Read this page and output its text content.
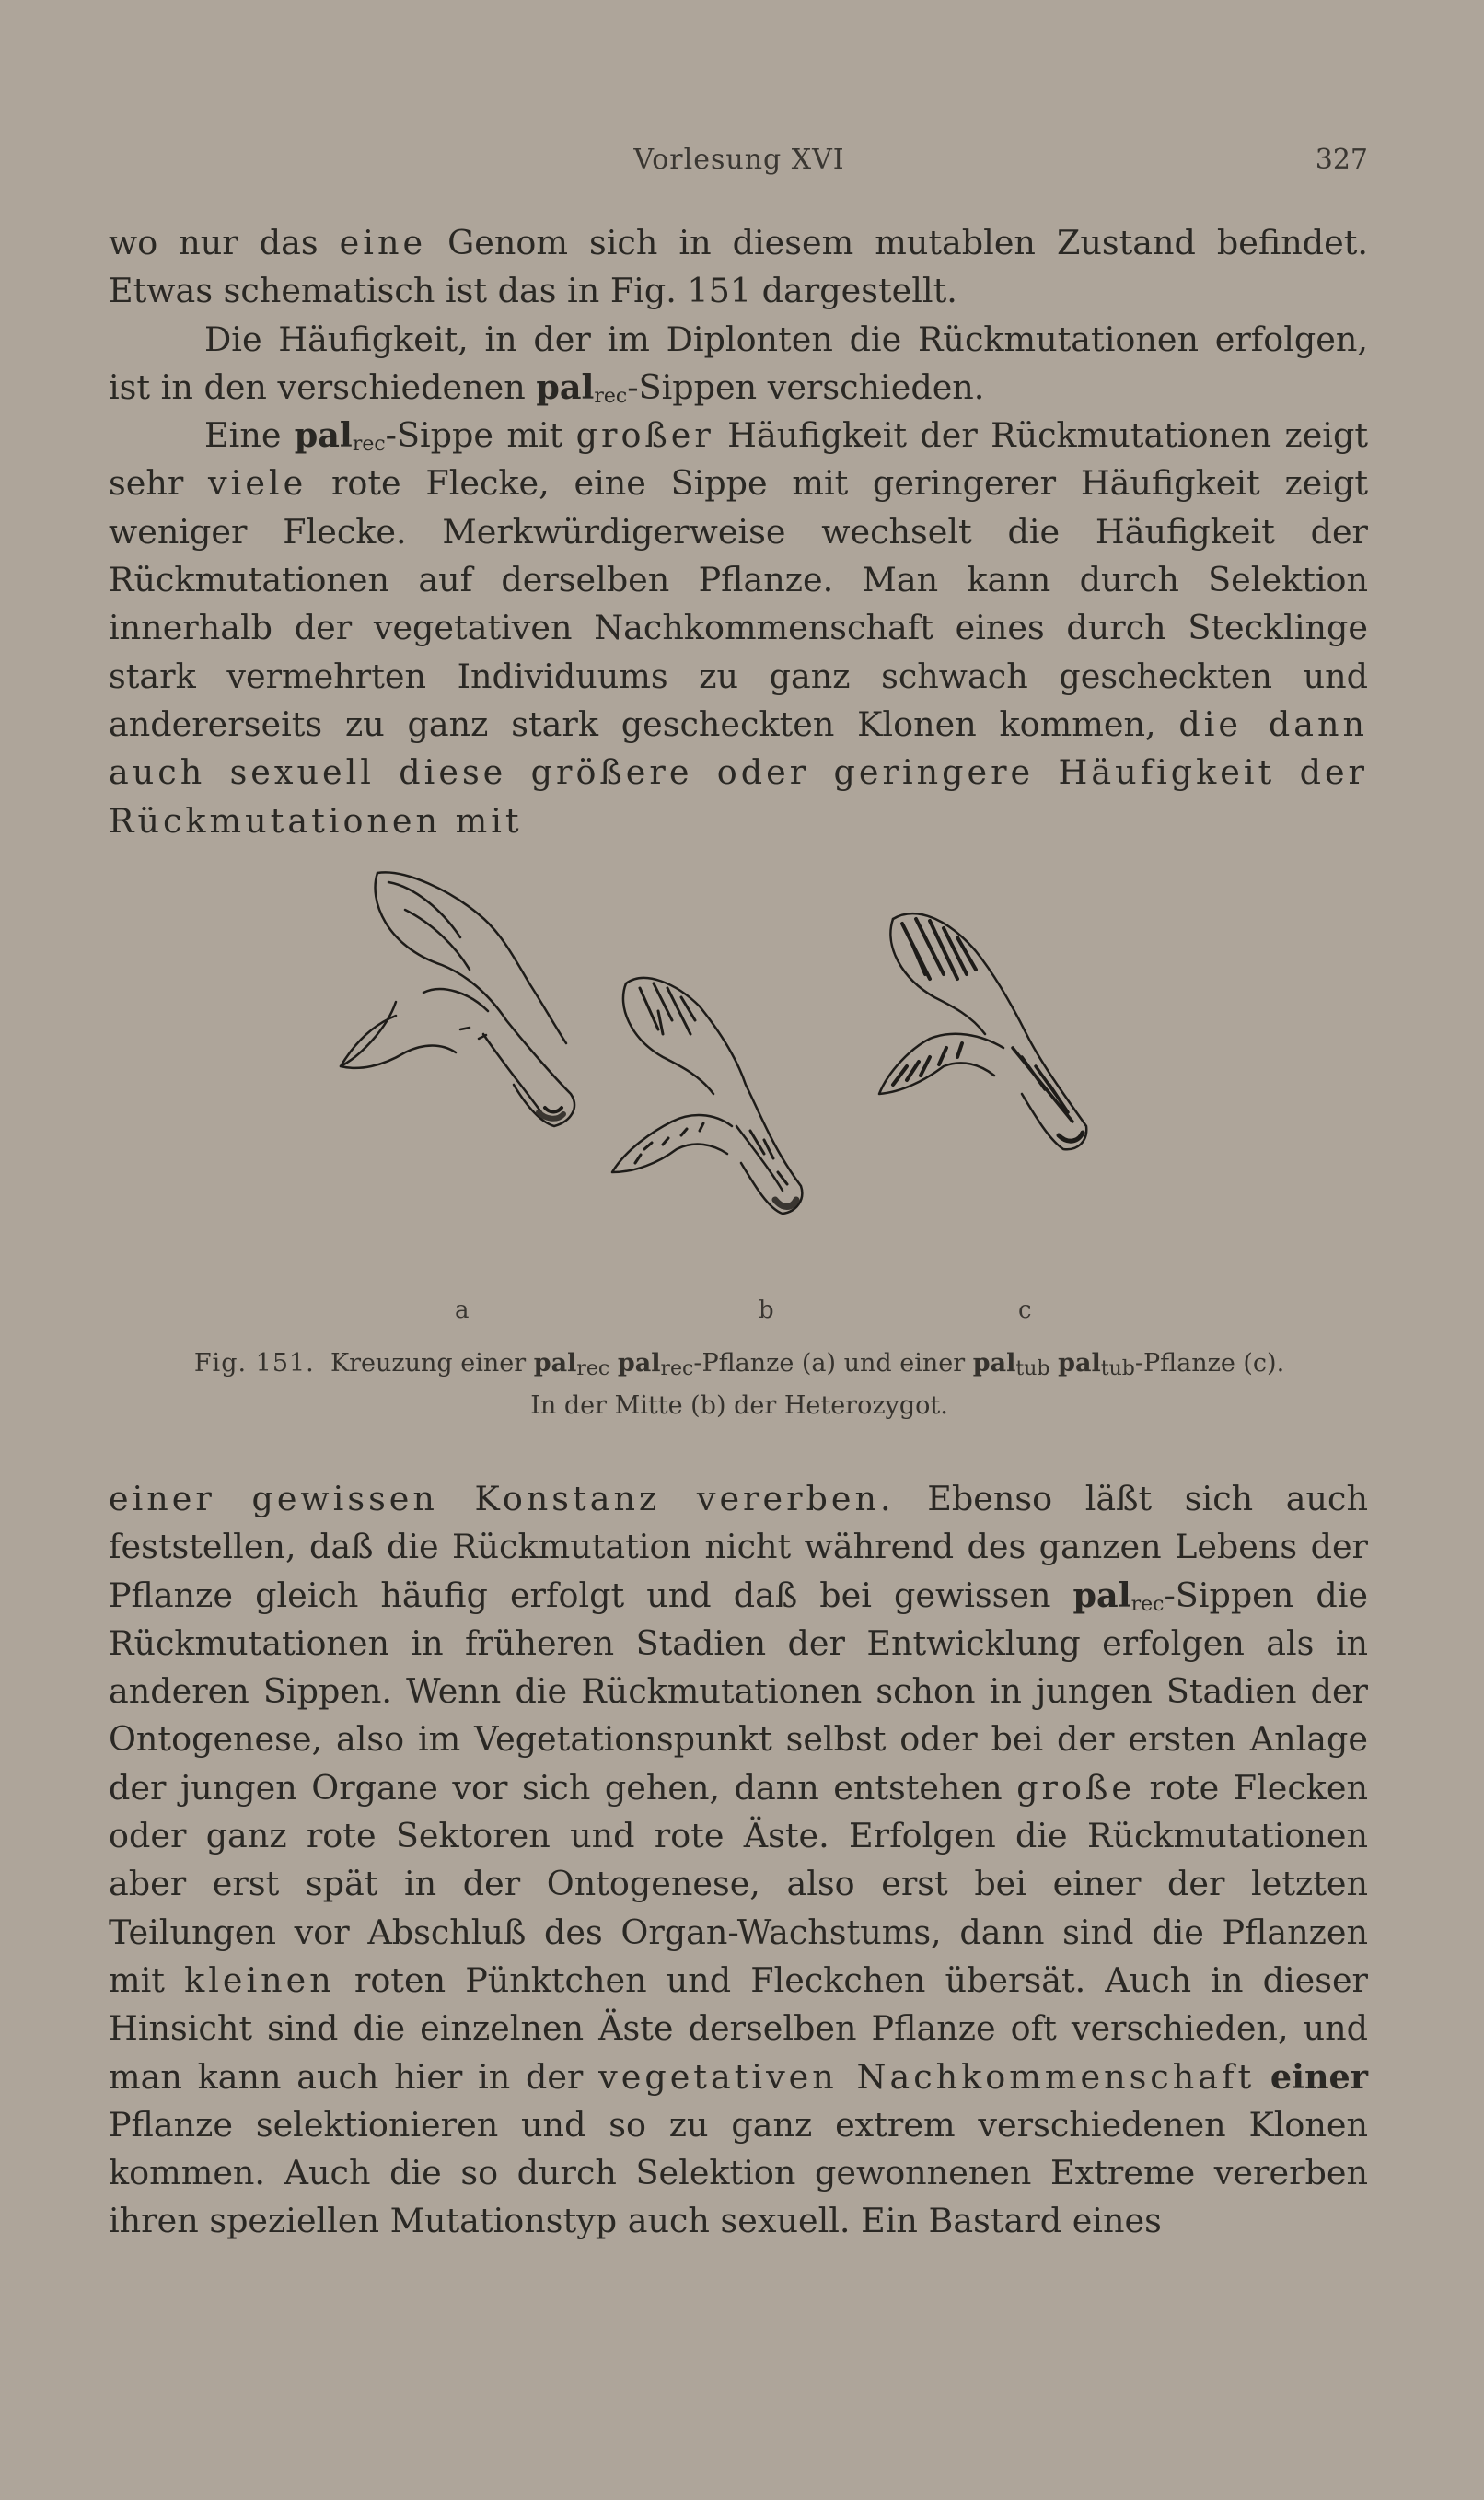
Vorlesung XVI	327

wo nur das eine Genom sich in diesem mutablen Zustand befindet. Etwas schematisch ist das in Fig. 151 dargestellt.

Die Häufigkeit, in der im Diplonten die Rückmutationen erfolgen, ist in den verschiedenen pal$_{rec}$-Sippen verschieden.

Eine pal$_{rec}$-Sippe mit großer Häufigkeit der Rückmutationen zeigt sehr viele rote Flecke, eine Sippe mit geringerer Häufigkeit zeigt weniger Flecke. Merkwürdigerweise wechselt die Häufigkeit der Rückmutationen auf derselben Pflanze. Man kann durch Selektion innerhalb der vegetativen Nachkommenschaft eines durch Stecklinge stark vermehrten Individuums zu ganz schwach gescheckten und andererseits zu ganz stark gescheckten Klonen kommen, die dann auch sexuell diese größere oder geringere Häufigkeit der Rückmutationen mit

a	b	c
Fig. 151. Kreuzung einer pal$_{rec}$ pal$_{rec}$-Pflanze (a) und einer pal$_{tub}$ pal$_{tub}$-Pflanze (c).
In der Mitte (b) der Heterozygot.

einer gewissen Konstanz vererben. Ebenso läßt sich auch feststellen, daß die Rückmutation nicht während des ganzen Lebens der Pflanze gleich häufig erfolgt und daß bei gewissen pal$_{rec}$-Sippen die Rückmutationen in früheren Stadien der Entwicklung erfolgen als in anderen Sippen. Wenn die Rückmutationen schon in jungen Stadien der Ontogenese, also im Vegetationspunkt selbst oder bei der ersten Anlage der jungen Organe vor sich gehen, dann entstehen große rote Flecken oder ganz rote Sektoren und rote Äste. Erfolgen die Rückmutationen aber erst spät in der Ontogenese, also erst bei einer der letzten Teilungen vor Abschluß des Organ-Wachstums, dann sind die Pflanzen mit kleinen roten Pünktchen und Fleckchen übersät. Auch in dieser Hinsicht sind die einzelnen Äste derselben Pflanze oft verschieden, und man kann auch hier in der vegetativen Nachkommenschaft einer Pflanze selektionieren und so zu ganz extrem verschiedenen Klonen kommen. Auch die so durch Selektion gewonnenen Extreme vererben ihren speziellen Mutationstyp auch sexuell. Ein Bastard eines
